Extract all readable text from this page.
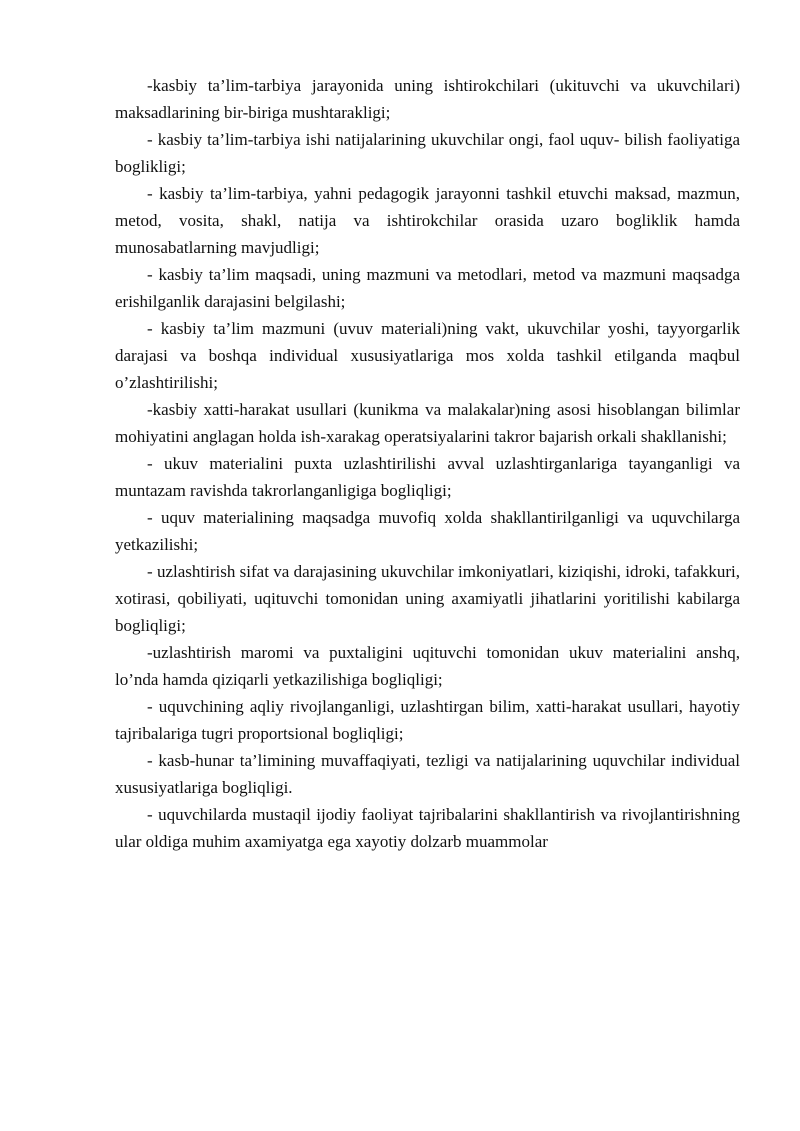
-kasbiy ta’lim-tarbiya jarayonida uning ishtirokchilari (ukituvchi va ukuvchilari) maksadlarining bir-biriga mushtarakligi;

- kasbiy ta’lim-tarbiya ishi natijalarining ukuvchilar ongi, faol uquv- bilish faoliyatiga boglikligi;

- kasbiy ta’lim-tarbiya, yahni pedagogik jarayonni tashkil etuvchi maksad, mazmun, metod, vosita, shakl, natija va ishtirokchilar orasida uzaro bogliklik hamda munosabatlarning mavjudligi;

- kasbiy ta’lim maqsadi, uning mazmuni va metodlari, metod va mazmuni maqsadga erishilganlik darajasini belgilashi;

- kasbiy ta’lim mazmuni (uvuv materiali)ning vakt, ukuvchilar yoshi, tayyorgarlik darajasi va boshqa individual xususiyatlariga mos xolda tashkil etilganda maqbul o’zlashtirilishi;

-kasbiy xatti-harakat usullari (kunikma va malakalar)ning asosi hisoblangan bilimlar mohiyatini anglagan holda ish-xarakag operatsiyalarini takror bajarish orkali shakllanishi;

- ukuv materialini puxta uzlashtirilishi avval uzlashtirganlariga tayanganligi va muntazam ravishda takrorlanganligiga bogliqligi;

- uquv materialining maqsadga muvofiq xolda shakllantirilganligi va uquvchilarga yetkazilishi;

- uzlashtirish sifat va darajasining ukuvchilar imkoniyatlari, kiziqishi, idroki, tafakkuri, xotirasi, qobiliyati, uqituvchi tomonidan uning axamiyatli jihatlarini yoritilishi kabilarga bogliqligi;

-uzlashtirish maromi va puxtaligini uqituvchi tomonidan ukuv materialini anshq, lo’nda hamda qiziqarli yetkazilishiga bogliqligi;

- uquvchining aqliy rivojlanganligi, uzlashtirgan bilim, xatti-harakat usullari, hayotiy tajribalariga tugri proportsional bogliqligi;

- kasb-hunar ta’limining muvaffaqiyati, tezligi va natijalarining uquvchilar individual xususiyatlariga bogliqligi.

- uquvchilarda mustaqil ijodiy faoliyat tajribalarini shakllantirish va rivojlantirishning ular oldiga muhim axamiyatga ega xayotiy dolzarb muammolar
